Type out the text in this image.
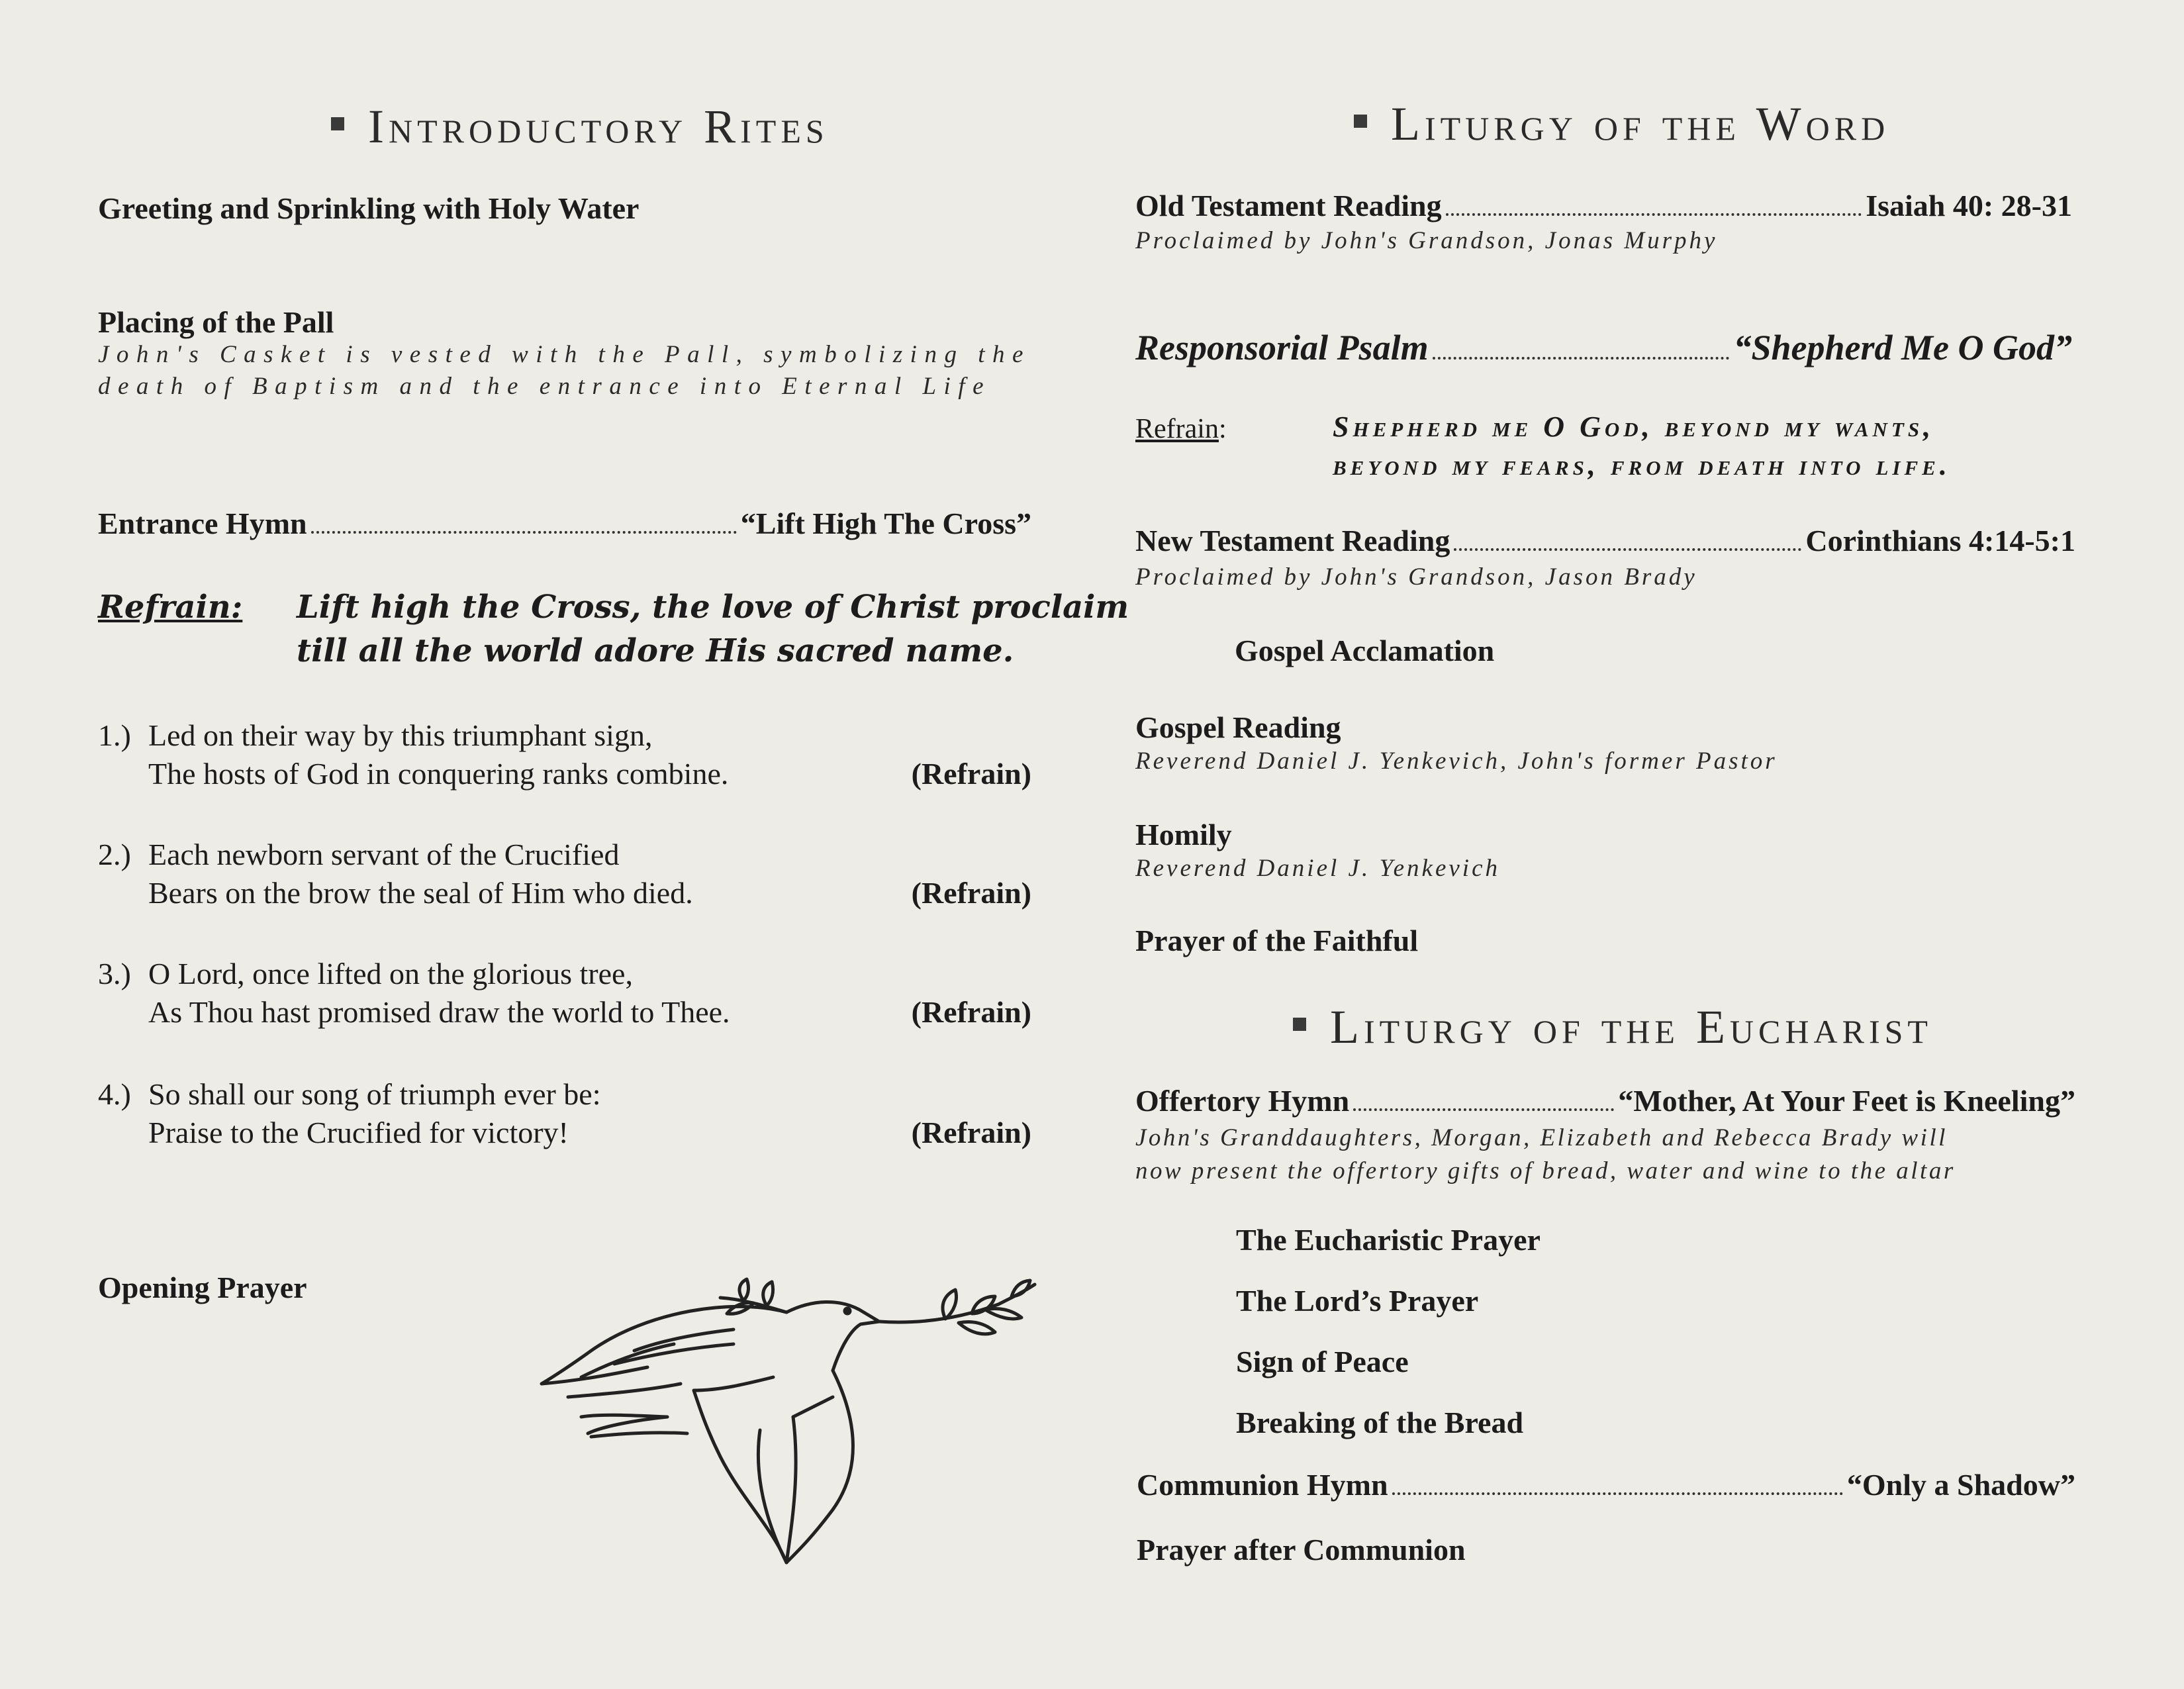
Introductory Rites
Greeting and Sprinkling with Holy Water
Placing of the Pall
John's Casket is vested with the Pall, symbolizing the
death of Baptism and the entrance into Eternal Life
Entrance Hymn	“Lift High The Cross”
Refrain: Lift high the Cross, the love of Christ proclaim
till all the world adore His sacred name.
1.) Led on their way by this triumphant sign,
The hosts of God in conquering ranks combine.	(Refrain)
2.) Each newborn servant of the Crucified
Bears on the brow the seal of Him who died.	(Refrain)
3.) O Lord, once lifted on the glorious tree,
As Thou hast promised draw the world to Thee.	(Refrain)
4.) So shall our song of triumph ever be:
Praise to the Crucified for victory!	(Refrain)
Opening Prayer
Liturgy of the Word
Old Testament Reading	Isaiah 40: 28-31
Proclaimed by John's Grandson, Jonas Murphy
Responsorial Psalm	“Shepherd Me O God”
Refrain:	Shepherd me O God, beyond my wants,
beyond my fears, from death into life.
New Testament Reading	Corinthians 4:14-5:1
Proclaimed by John's Grandson, Jason Brady
Gospel Acclamation
Gospel Reading
Reverend Daniel J. Yenkevich, John's former Pastor
Homily
Reverend Daniel J. Yenkevich
Prayer of the Faithful
Liturgy of the Eucharist
Offertory Hymn	“Mother, At Your Feet is Kneeling”
John's Granddaughters, Morgan, Elizabeth and Rebecca Brady will
now present the offertory gifts of bread, water and wine to the altar
The Eucharistic Prayer
The Lord’s Prayer
Sign of Peace
Breaking of the Bread
Communion Hymn	“Only a Shadow”
Prayer after Communion
